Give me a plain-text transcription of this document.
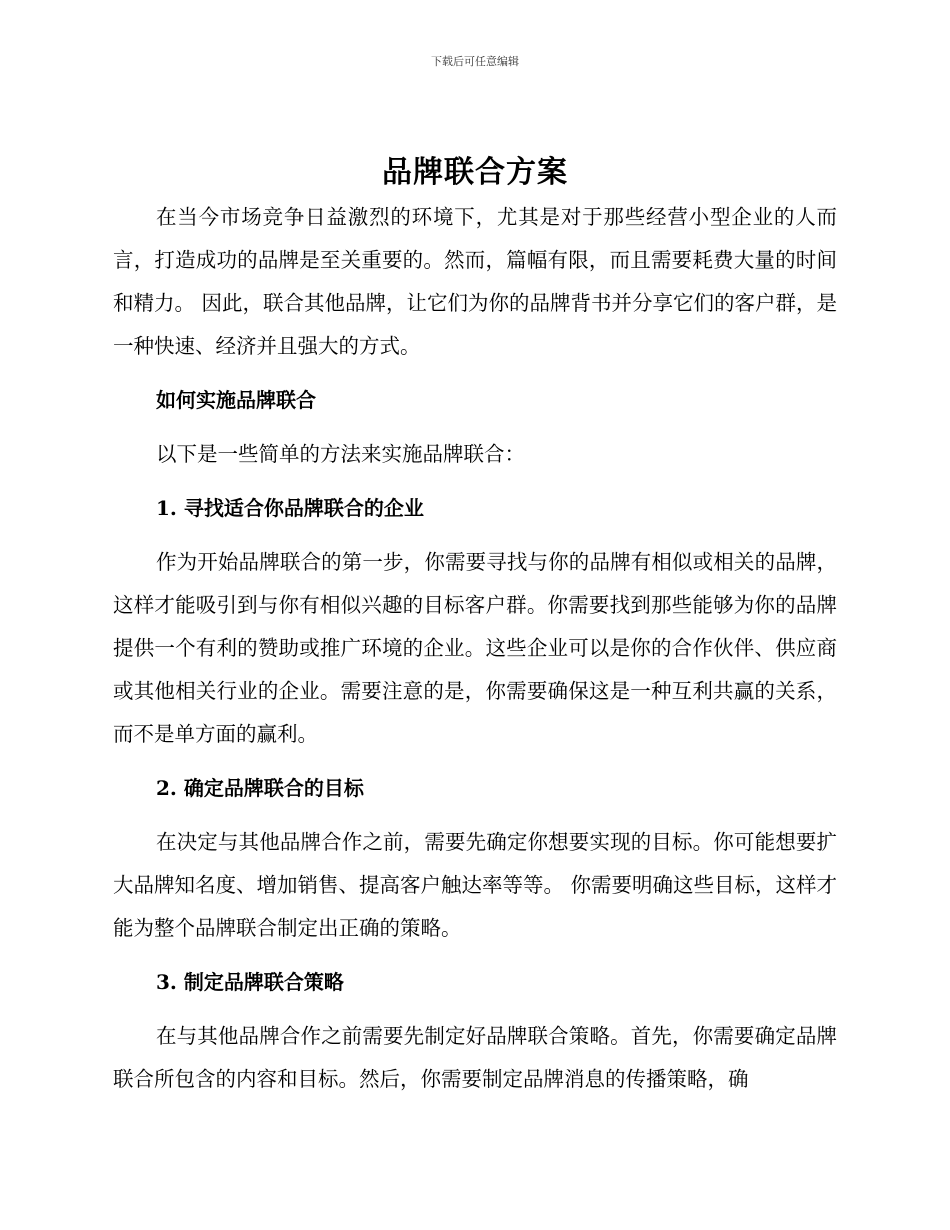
下载后可任意编辑
品牌联合方案

在当今市场竞争日益激烈的环境下，尤其是对于那些经营小型企业的人而言，打造成功的品牌是至关重要的。然而，篇幅有限，而且需要耗费大量的时间和精力。 因此，联合其他品牌，让它们为你的品牌背书并分享它们的客户群，是一种快速、经济并且强大的方式。

如何实施品牌联合

以下是一些简单的方法来实施品牌联合：

1. 寻找适合你品牌联合的企业

作为开始品牌联合的第一步，你需要寻找与你的品牌有相似或相关的品牌，这样才能吸引到与你有相似兴趣的目标客户群。你需要找到那些能够为你的品牌提供一个有利的赞助或推广环境的企业。这些企业可以是你的合作伙伴、供应商或其他相关行业的企业。需要注意的是，你需要确保这是一种互利共赢的关系，而不是单方面的赢利。

2. 确定品牌联合的目标

在决定与其他品牌合作之前，需要先确定你想要实现的目标。你可能想要扩大品牌知名度、增加销售、提高客户触达率等等。 你需要明确这些目标，这样才能为整个品牌联合制定出正确的策略。

3. 制定品牌联合策略

在与其他品牌合作之前需要先制定好品牌联合策略。首先，你需要确定品牌联合所包含的内容和目标。然后，你需要制定品牌消息的传播策略，确
